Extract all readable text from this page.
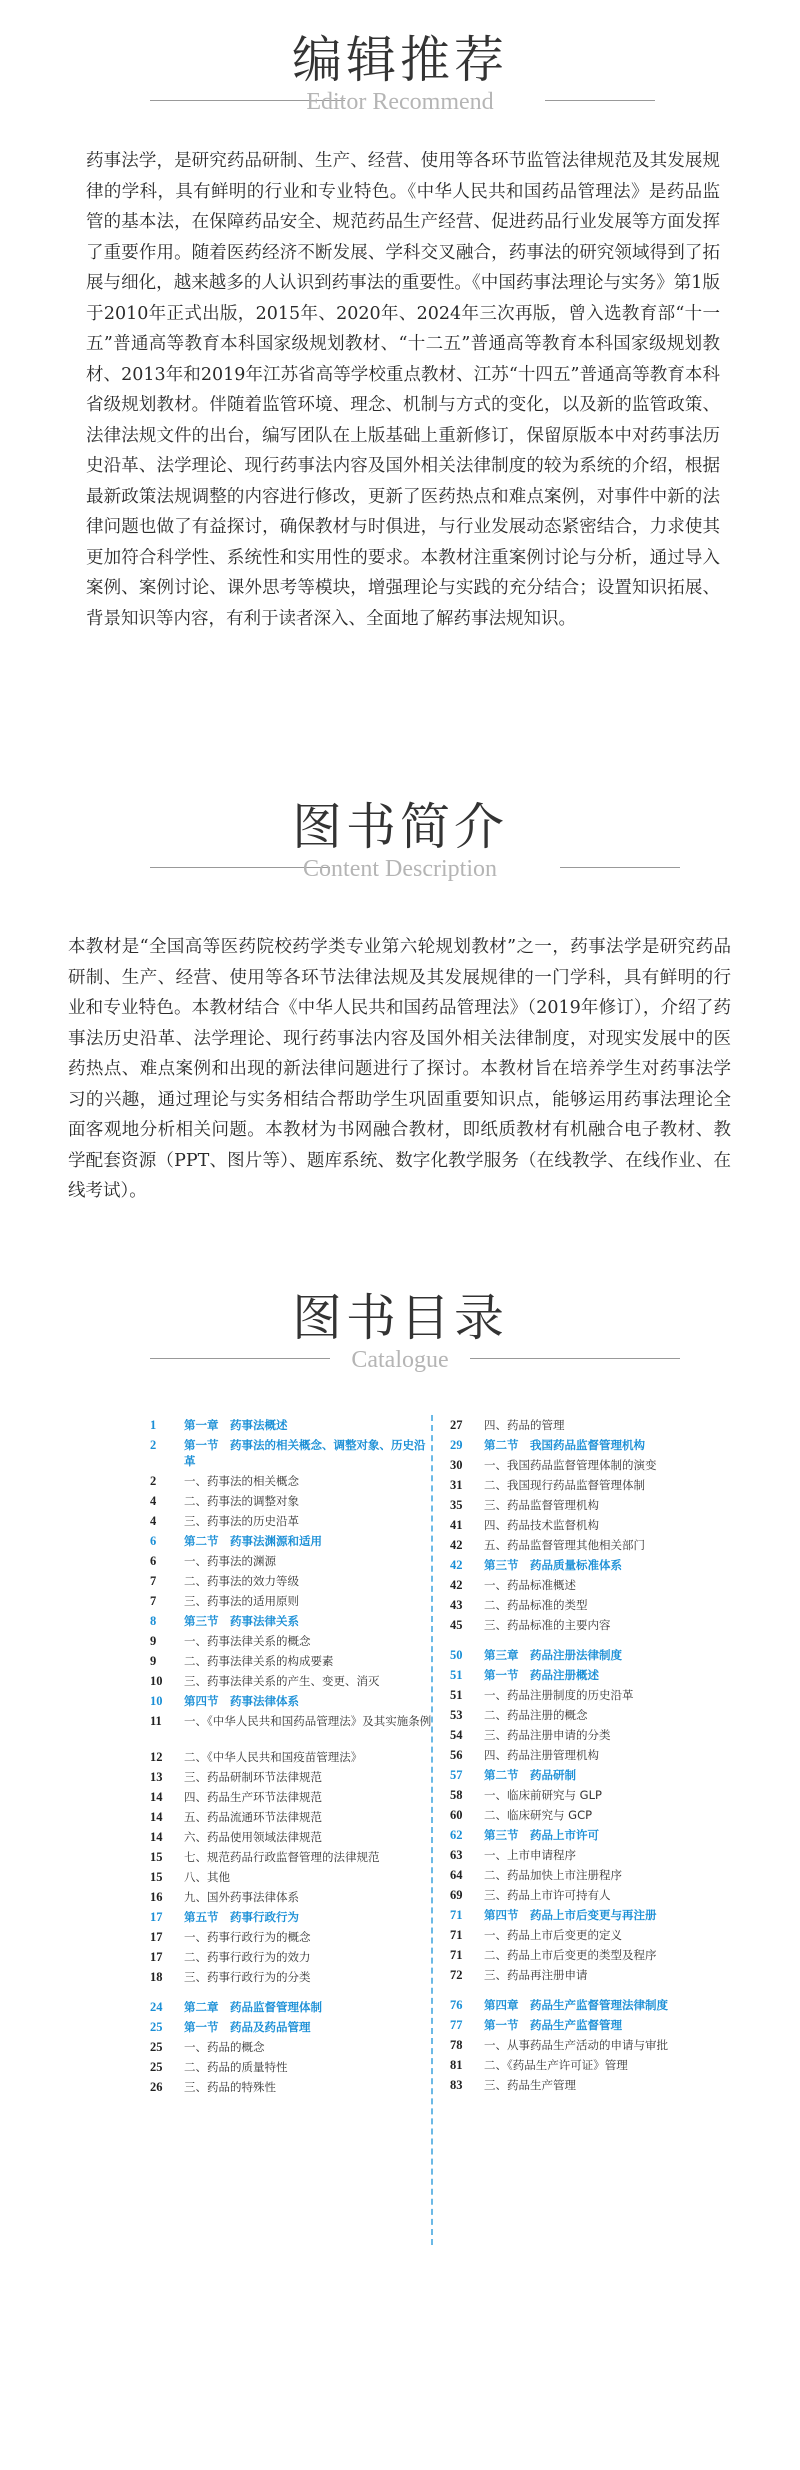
编辑推荐
Editor Recommend

药事法学，是研究药品研制、生产、经营、使用等各环节监管法律规范及其发展规律的学科，具有鲜明的行业和专业特色。《中华人民共和国药品管理法》是药品监管的基本法，在保障药品安全、规范药品生产经营、促进药品行业发展等方面发挥了重要作用。随着医药经济不断发展、学科交叉融合，药事法的研究领域得到了拓展与细化，越来越多的人认识到药事法的重要性。《中国药事法理论与实务》第1版于2010年正式出版，2015年、2020年、2024年三次再版，曾入选教育部“十一五”普通高等教育本科国家级规划教材、“十二五”普通高等教育本科国家级规划教材、2013年和2019年江苏省高等学校重点教材、江苏“十四五”普通高等教育本科省级规划教材。伴随着监管环境、理念、机制与方式的变化，以及新的监管政策、法律法规文件的出台，编写团队在上版基础上重新修订，保留原版本中对药事法历史沿革、法学理论、现行药事法内容及国外相关法律制度的较为系统的介绍，根据最新政策法规调整的内容进行修改，更新了医药热点和难点案例，对事件中新的法律问题也做了有益探讨，确保教材与时俱进，与行业发展动态紧密结合，力求使其更加符合科学性、系统性和实用性的要求。本教材注重案例讨论与分析，通过导入案例、案例讨论、课外思考等模块，增强理论与实践的充分结合；设置知识拓展、背景知识等内容，有利于读者深入、全面地了解药事法规知识。

图书简介
Content Description

本教材是“全国高等医药院校药学类专业第六轮规划教材”之一，药事法学是研究药品研制、生产、经营、使用等各环节法律法规及其发展规律的一门学科，具有鲜明的行业和专业特色。本教材结合《中华人民共和国药品管理法》（2019年修订），介绍了药事法历史沿革、法学理论、现行药事法内容及国外相关法律制度，对现实发展中的医药热点、难点案例和出现的新法律问题进行了探讨。本教材旨在培养学生对药事法学习的兴趣，通过理论与实务相结合帮助学生巩固重要知识点，能够运用药事法理论全面客观地分析相关问题。本教材为书网融合教材，即纸质教材有机融合电子教材、教学配套资源（PPT、图片等）、题库系统、数字化教学服务（在线教学、在线作业、在线考试）。

图书目录
Catalogue
1	第一章　药事法概述
2	第一节　药事法的相关概念、调整对象、历史沿革
2	一、药事法的相关概念
4	二、药事法的调整对象
4	三、药事法的历史沿革
6	第二节　药事法渊源和适用
6	一、药事法的渊源
7	二、药事法的效力等级
7	三、药事法的适用原则
8	第三节　药事法律关系
9	一、药事法律关系的概念
9	二、药事法律关系的构成要素
10	三、药事法律关系的产生、变更、消灭
10	第四节　药事法律体系
11	一、《中华人民共和国药品管理法》及其实施条例
12	二、《中华人民共和国疫苗管理法》
13	三、药品研制环节法律规范
14	四、药品生产环节法律规范
14	五、药品流通环节法律规范
14	六、药品使用领域法律规范
15	七、规范药品行政监督管理的法律规范
15	八、其他
16	九、国外药事法律体系
17	第五节　药事行政行为
17	一、药事行政行为的概念
17	二、药事行政行为的效力
18	三、药事行政行为的分类
24	第二章　药品监督管理体制
25	第一节　药品及药品管理
25	一、药品的概念
25	二、药品的质量特性
26	三、药品的特殊性
27	四、药品的管理
29	第二节　我国药品监督管理机构
30	一、我国药品监督管理体制的演变
31	二、我国现行药品监督管理体制
35	三、药品监督管理机构
41	四、药品技术监督机构
42	五、药品监督管理其他相关部门
42	第三节　药品质量标准体系
42	一、药品标准概述
43	二、药品标准的类型
45	三、药品标准的主要内容
50	第三章　药品注册法律制度
51	第一节　药品注册概述
51	一、药品注册制度的历史沿革
53	二、药品注册的概念
54	三、药品注册申请的分类
56	四、药品注册管理机构
57	第二节　药品研制
58	一、临床前研究与 GLP
60	二、临床研究与 GCP
62	第三节　药品上市许可
63	一、上市申请程序
64	二、药品加快上市注册程序
69	三、药品上市许可持有人
71	第四节　药品上市后变更与再注册
71	一、药品上市后变更的定义
71	二、药品上市后变更的类型及程序
72	三、药品再注册申请
76	第四章　药品生产监督管理法律制度
77	第一节　药品生产监督管理
78	一、从事药品生产活动的申请与审批
81	二、《药品生产许可证》管理
83	三、药品生产管理
